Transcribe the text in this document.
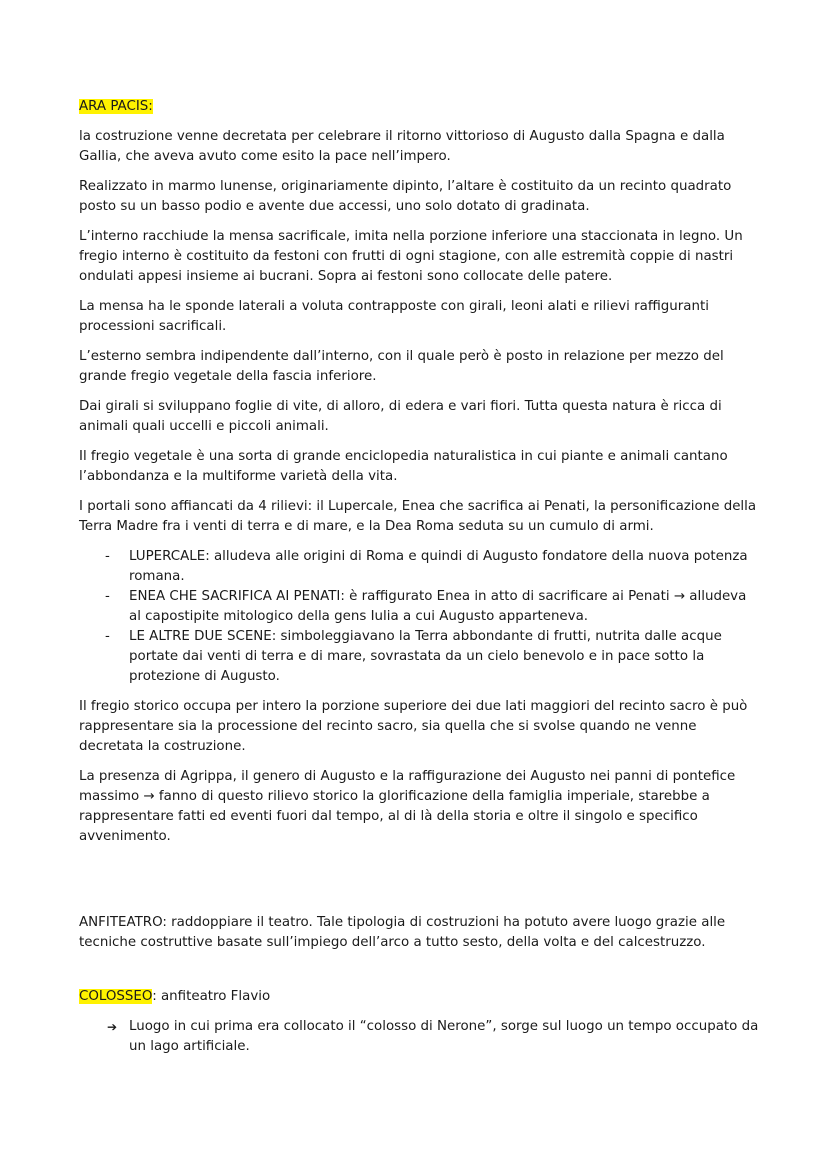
ARA PACIS:

la costruzione venne decretata per celebrare il ritorno vittorioso di Augusto dalla Spagna e dalla Gallia, che aveva avuto come esito la pace nell’impero.

Realizzato in marmo lunense, originariamente dipinto, l’altare è costituito da un recinto quadrato posto su un basso podio e avente due accessi, uno solo dotato di gradinata.

L’interno racchiude la mensa sacrificale, imita nella porzione inferiore una staccionata in legno. Un fregio interno è costituito da festoni con frutti di ogni stagione, con alle estremità coppie di nastri ondulati appesi insieme ai bucrani. Sopra ai festoni sono collocate delle patere.

La mensa ha le sponde laterali a voluta contrapposte con girali, leoni alati e rilievi raffiguranti processioni sacrificali.

L’esterno sembra indipendente dall’interno, con il quale però è posto in relazione per mezzo del grande fregio vegetale della fascia inferiore.

Dai girali si sviluppano foglie di vite, di alloro, di edera e vari fiori. Tutta questa natura è ricca di animali quali uccelli e piccoli animali.

Il fregio vegetale è una sorta di grande enciclopedia naturalistica in cui piante e animali cantano l’abbondanza e la multiforme varietà della vita.

I portali sono affiancati da 4 rilievi: il Lupercale, Enea che sacrifica ai Penati, la personificazione della Terra Madre fra i venti di terra e di mare, e la Dea Roma seduta su un cumulo di armi.

- LUPERCALE: alludeva alle origini di Roma e quindi di Augusto fondatore della nuova potenza romana.
- ENEA CHE SACRIFICA AI PENATI: è raffigurato Enea in atto di sacrificare ai Penati → alludeva al capostipite mitologico della gens Iulia a cui Augusto apparteneva.
- LE ALTRE DUE SCENE: simboleggiavano la Terra abbondante di frutti, nutrita dalle acque portate dai venti di terra e di mare, sovrastata da un cielo benevolo e in pace sotto la protezione di Augusto.

Il fregio storico occupa per intero la porzione superiore dei due lati maggiori del recinto sacro è può rappresentare sia la processione del recinto sacro, sia quella che si svolse quando ne venne decretata la costruzione.

La presenza di Agrippa, il genero di Augusto e la raffigurazione dei Augusto nei panni di pontefice massimo → fanno di questo rilievo storico la glorificazione della famiglia imperiale, starebbe a rappresentare fatti ed eventi fuori dal tempo, al di là della storia e oltre il singolo e specifico avvenimento.

ANFITEATRO: raddoppiare il teatro. Tale tipologia di costruzioni ha potuto avere luogo grazie alle tecniche costruttive basate sull’impiego dell’arco a tutto sesto, della volta e del calcestruzzo.

COLOSSEO: anfiteatro Flavio

➔ Luogo in cui prima era collocato il “colosso di Nerone”, sorge sul luogo un tempo occupato da un lago artificiale.
